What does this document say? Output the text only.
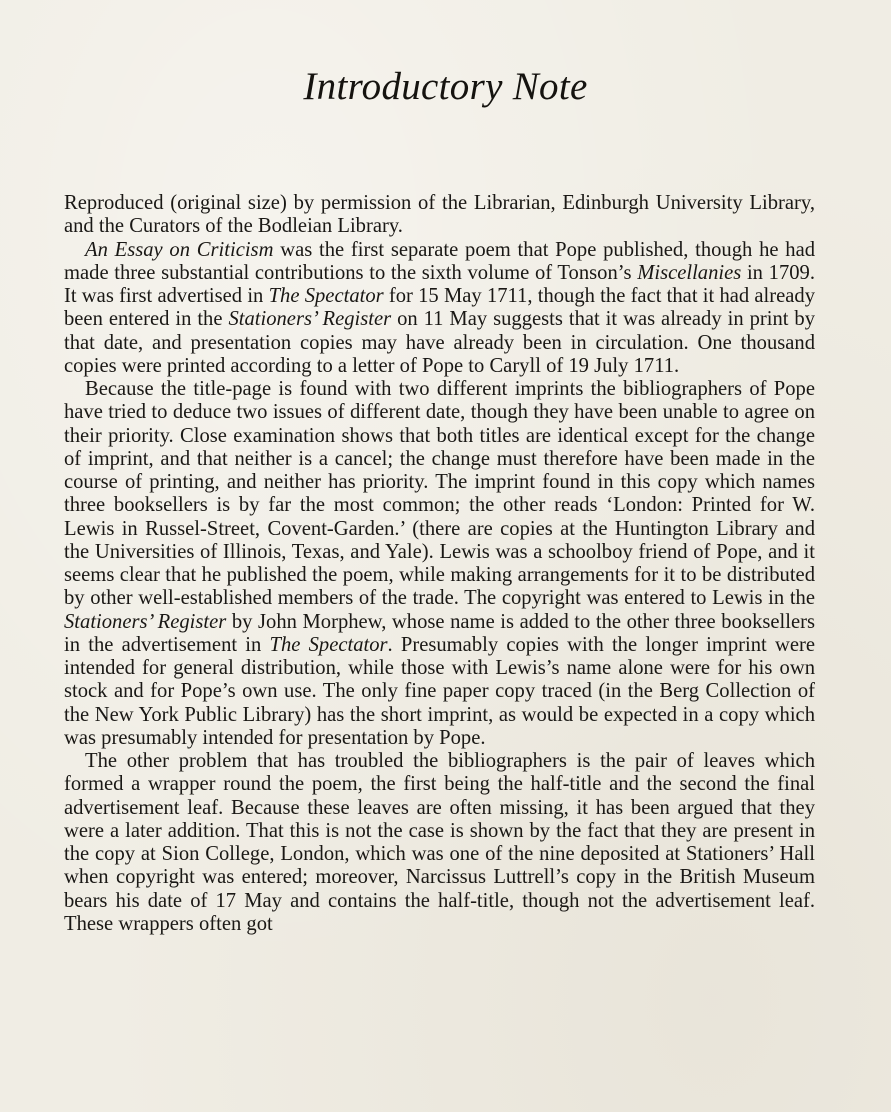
Introductory Note

Reproduced (original size) by permission of the Librarian, Edinburgh University Library, and the Curators of the Bodleian Library.

An Essay on Criticism was the first separate poem that Pope published, though he had made three substantial contributions to the sixth volume of Tonson’s Miscellanies in 1709. It was first advertised in The Spectator for 15 May 1711, though the fact that it had already been entered in the Stationers’ Register on 11 May suggests that it was already in print by that date, and presentation copies may have already been in circulation. One thousand copies were printed according to a letter of Pope to Caryll of 19 July 1711.

Because the title-page is found with two different imprints the bibliographers of Pope have tried to deduce two issues of different date, though they have been unable to agree on their priority. Close examination shows that both titles are identical except for the change of imprint, and that neither is a cancel; the change must therefore have been made in the course of printing, and neither has priority. The imprint found in this copy which names three booksellers is by far the most common; the other reads ‘London: Printed for W. Lewis in Russel-Street, Covent-Garden.’ (there are copies at the Huntington Library and the Universities of Illinois, Texas, and Yale). Lewis was a schoolboy friend of Pope, and it seems clear that he published the poem, while making arrangements for it to be distributed by other well-established members of the trade. The copyright was entered to Lewis in the Stationers’ Register by John Morphew, whose name is added to the other three booksellers in the advertisement in The Spectator. Presumably copies with the longer imprint were intended for general distribution, while those with Lewis’s name alone were for his own stock and for Pope’s own use. The only fine paper copy traced (in the Berg Collection of the New York Public Library) has the short imprint, as would be expected in a copy which was presumably intended for presentation by Pope.

The other problem that has troubled the bibliographers is the pair of leaves which formed a wrapper round the poem, the first being the half-title and the second the final advertisement leaf. Because these leaves are often missing, it has been argued that they were a later addition. That this is not the case is shown by the fact that they are present in the copy at Sion College, London, which was one of the nine deposited at Stationers’ Hall when copyright was entered; moreover, Narcissus Luttrell’s copy in the British Museum bears his date of 17 May and contains the half-title, though not the advertisement leaf. These wrappers often got
